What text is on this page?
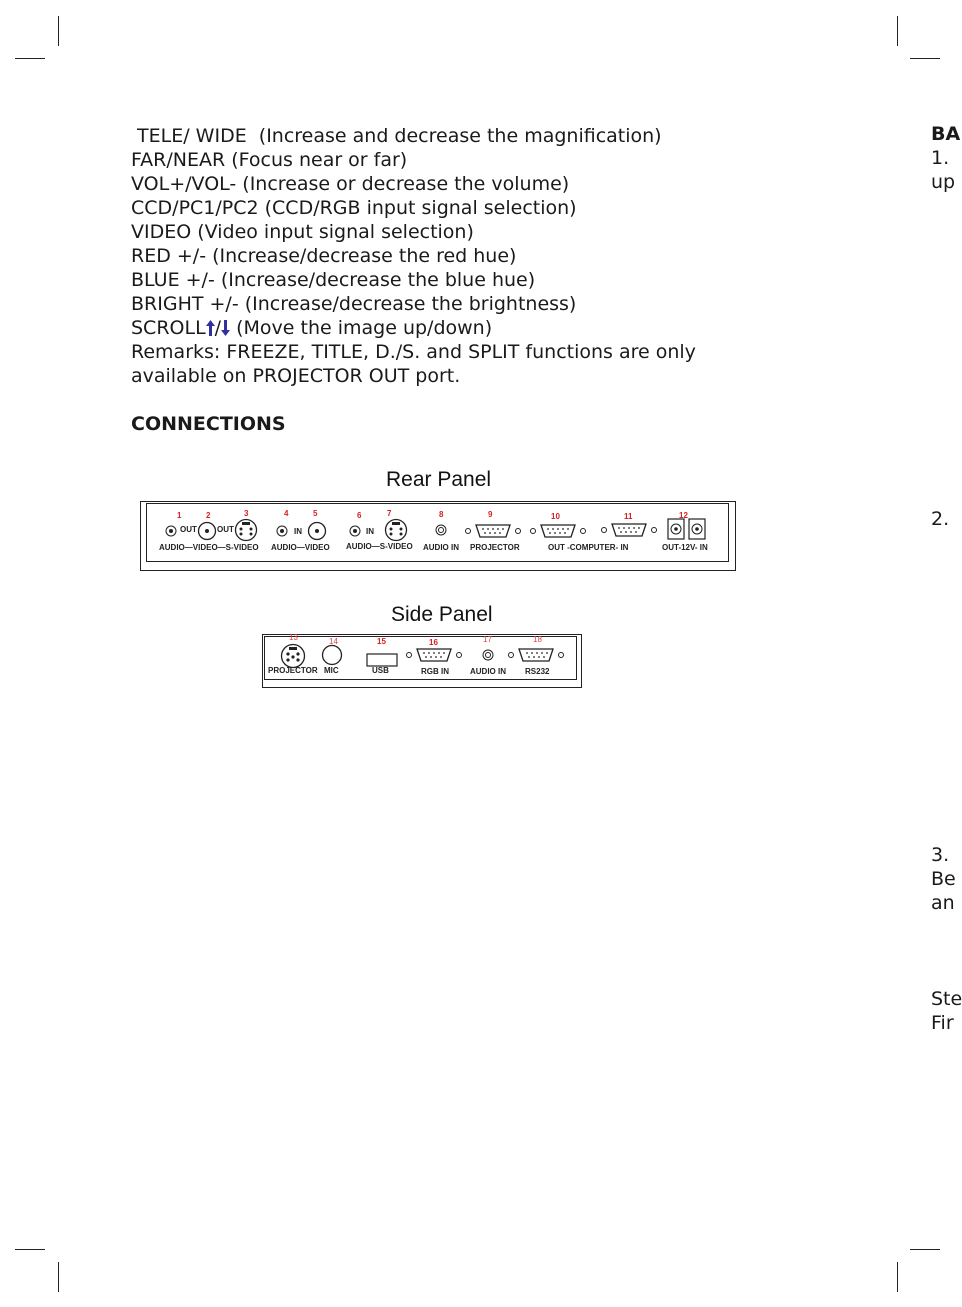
TELE/ WIDE  (Increase and decrease the magnification)
FAR/NEAR (Focus near or far)
VOL+/VOL- (Increase or decrease the volume)
CCD/PC1/PC2 (CCD/RGB input signal selection)
VIDEO (Video input signal selection)
RED +/- (Increase/decrease the red hue)
BLUE +/- (Increase/decrease the blue hue)
BRIGHT +/- (Increase/decrease the brightness)
SCROLL / (Move the image up/down)
Remarks: FREEZE, TITLE, D./S. and SPLIT functions are only
available on PROJECTOR OUT port.
CONNECTIONS
Rear Panel
1	2	3	4	5	6	7	8	9	10	11	12
OUT	OUT	IN	IN
AUDIO—VIDEO—S-VIDEO AUDIO—VIDEO AUDIO—S-VIDEO AUDIO IN PROJECTOR	OUT -COMPUTER- IN	OUT-12V- IN
Side Panel
13	14	15	16	17	18
PROJECTOR MIC	USB	RGB IN	AUDIO IN RS232
BA
1.
up
2.
3.
Be
an
Ste
Fir
